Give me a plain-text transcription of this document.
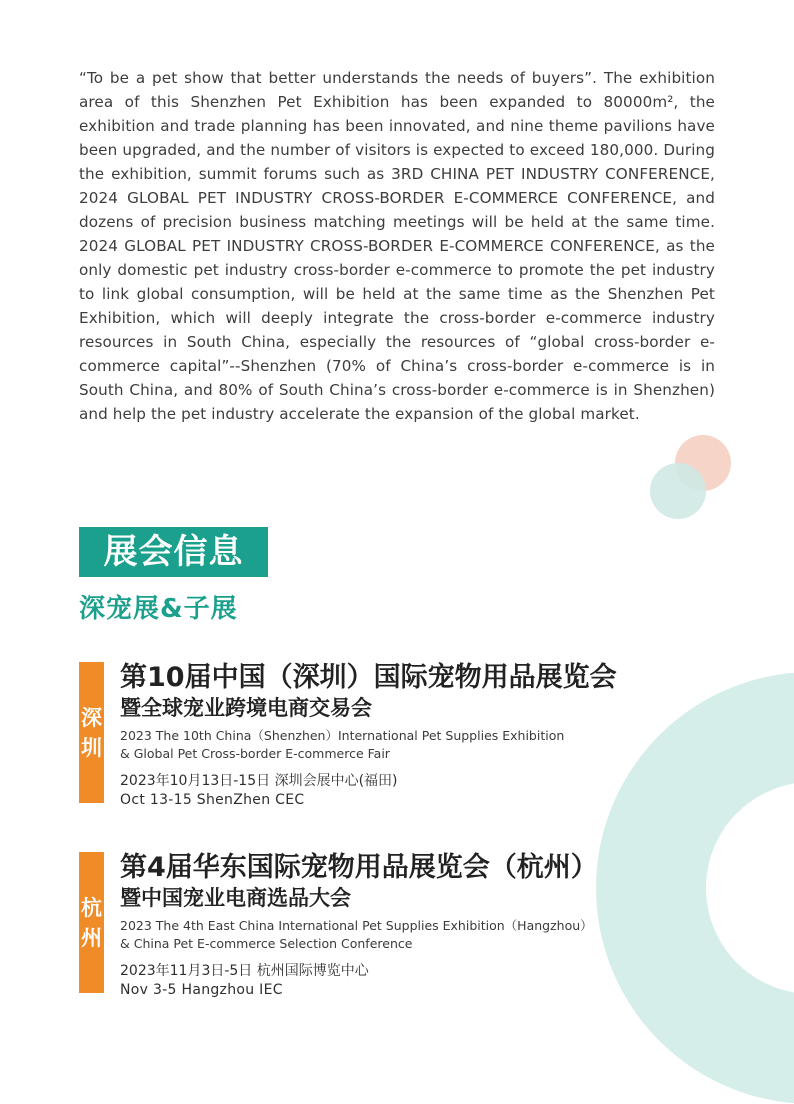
“To be a pet show that better understands the needs of buyers”. The exhibition area of this Shenzhen Pet Exhibition has been expanded to 80000m², the exhibition and trade planning has been innovated, and nine theme pavilions have been upgraded, and the number of visitors is expected to exceed 180,000. During the exhibition, summit forums such as 3RD CHINA PET INDUSTRY CONFERENCE, 2024 GLOBAL PET INDUSTRY CROSS-BORDER E-COMMERCE CONFERENCE, and dozens of precision business matching meetings will be held at the same time. 2024 GLOBAL PET INDUSTRY CROSS-BORDER E-COMMERCE CONFERENCE, as the only domestic pet industry cross-border e-commerce to promote the pet industry to link global consumption, will be held at the same time as the Shenzhen Pet Exhibition, which will deeply integrate the cross-border e-commerce industry resources in South China, especially the resources of “global cross-border e-commerce capital”--Shenzhen (70% of China’s cross-border e-commerce is in South China, and 80% of South China’s cross-border e-commerce is in Shenzhen) and help the pet industry accelerate the expansion of the global market.

展会信息
深宠展&子展
深
圳

第10届中国（深圳）国际宠物用品展览会

暨全球宠业跨境电商交易会

2023 The 10th China（Shenzhen）International Pet Supplies Exhibition
& Global Pet Cross-border E-commerce Fair
2023年10月13日-15日 深圳会展中心(福田)
Oct 13-15 ShenZhen CEC
杭
州

第4届华东国际宠物用品展览会（杭州）

暨中国宠业电商选品大会

2023 The 4th East China International Pet Supplies Exhibition（Hangzhou）
& China Pet E-commerce Selection Conference
2023年11月3日-5日 杭州国际博览中心
Nov 3-5 Hangzhou IEC
